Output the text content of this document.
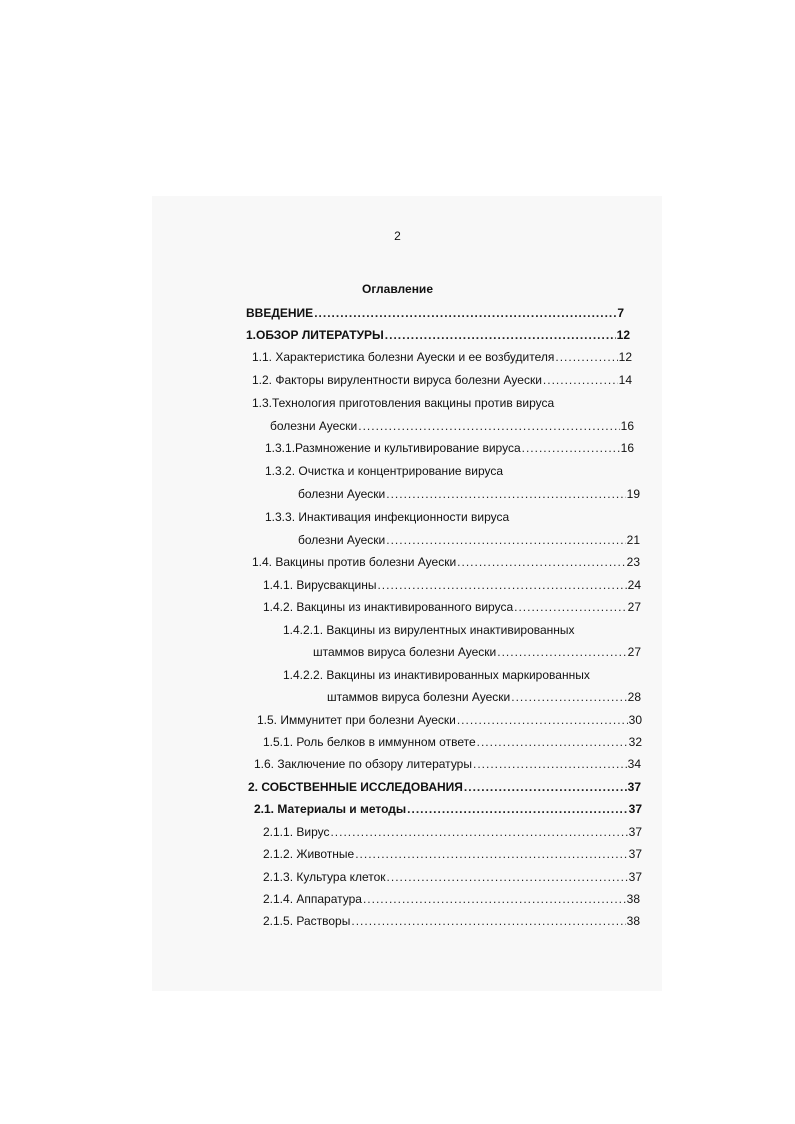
2
Оглавление
ВВЕДЕНИЕ .....	7
1.ОБЗОР ЛИТЕРАТУРЫ .....	12
1.1. Характеристика болезни Ауески и ее возбудителя .....	12
1.2. Факторы вирулентности вируса болезни Ауески .....	14
1.3.Технология приготовления вакцины против вируса
болезни Ауески .....	16
1.3.1.Размножение и культивирование вируса .....	16
1.3.2. Очистка и концентрирование вируса
болезни Ауески .....	19
1.3.3. Инактивация инфекционности вируса
болезни Ауески .....	21
1.4. Вакцины против болезни Ауески .....	23
1.4.1. Вирусвакцины .....	24
1.4.2. Вакцины из инактивированного вируса .....	27
1.4.2.1. Вакцины из вирулентных инактивированных
штаммов вируса болезни Ауески .....	27
1.4.2.2. Вакцины из инактивированных маркированных
штаммов вируса болезни Ауески .....	28
1.5. Иммунитет при болезни Ауески .....	30
1.5.1. Роль белков в иммунном ответе .....	32
1.6. Заключение по обзору литературы .....	34
2. СОБСТВЕННЫЕ ИССЛЕДОВАНИЯ .....	37
2.1. Материалы и методы .....	37
2.1.1. Вирус .....	37
2.1.2. Животные .....	37
2.1.3. Культура клеток .....	37
2.1.4. Аппаратура .....	38
2.1.5. Растворы .....	38
